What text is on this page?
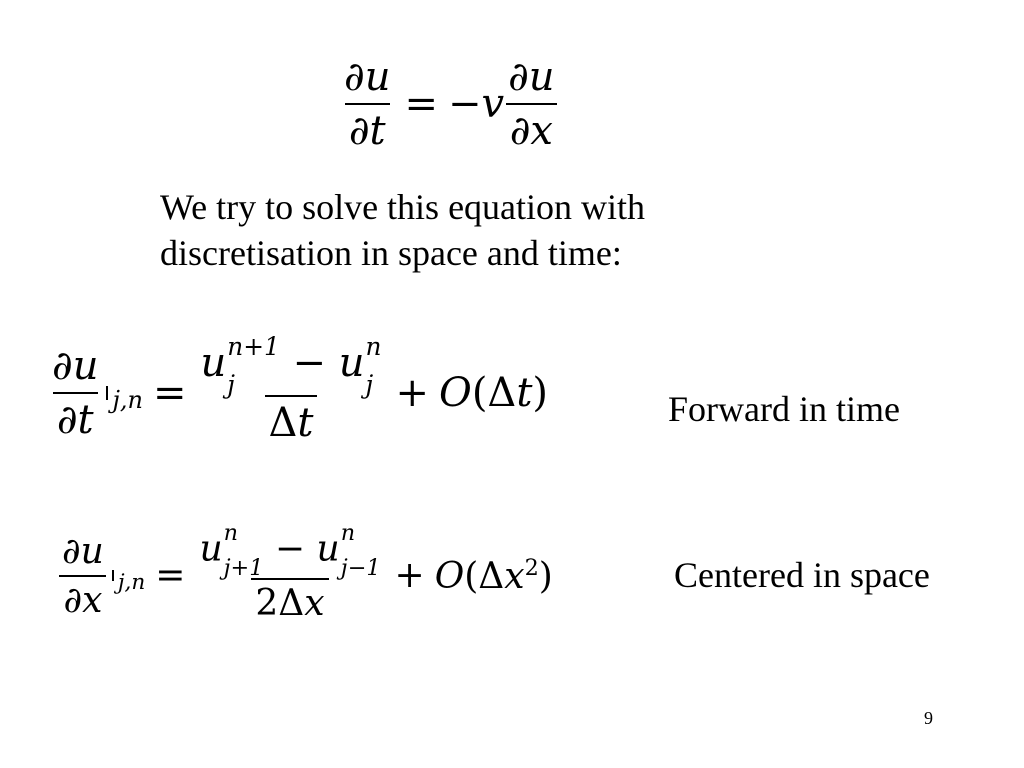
$\frac{\partial u}{\partial t} = -v \frac{\partial u}{\partial x}$
We try to solve this equation with
discretisation in space and time:
$\frac{\partial u}{\partial t} j,n = u$ n+1
j	− u n
j
Δt + O(Δt)	Forward in time
$\frac{\partial u}{\partial x} j,n = u$ n
j+1 − u n
j−1
$2\Delta x + O(\Delta x^2)$	Centered in space
9
